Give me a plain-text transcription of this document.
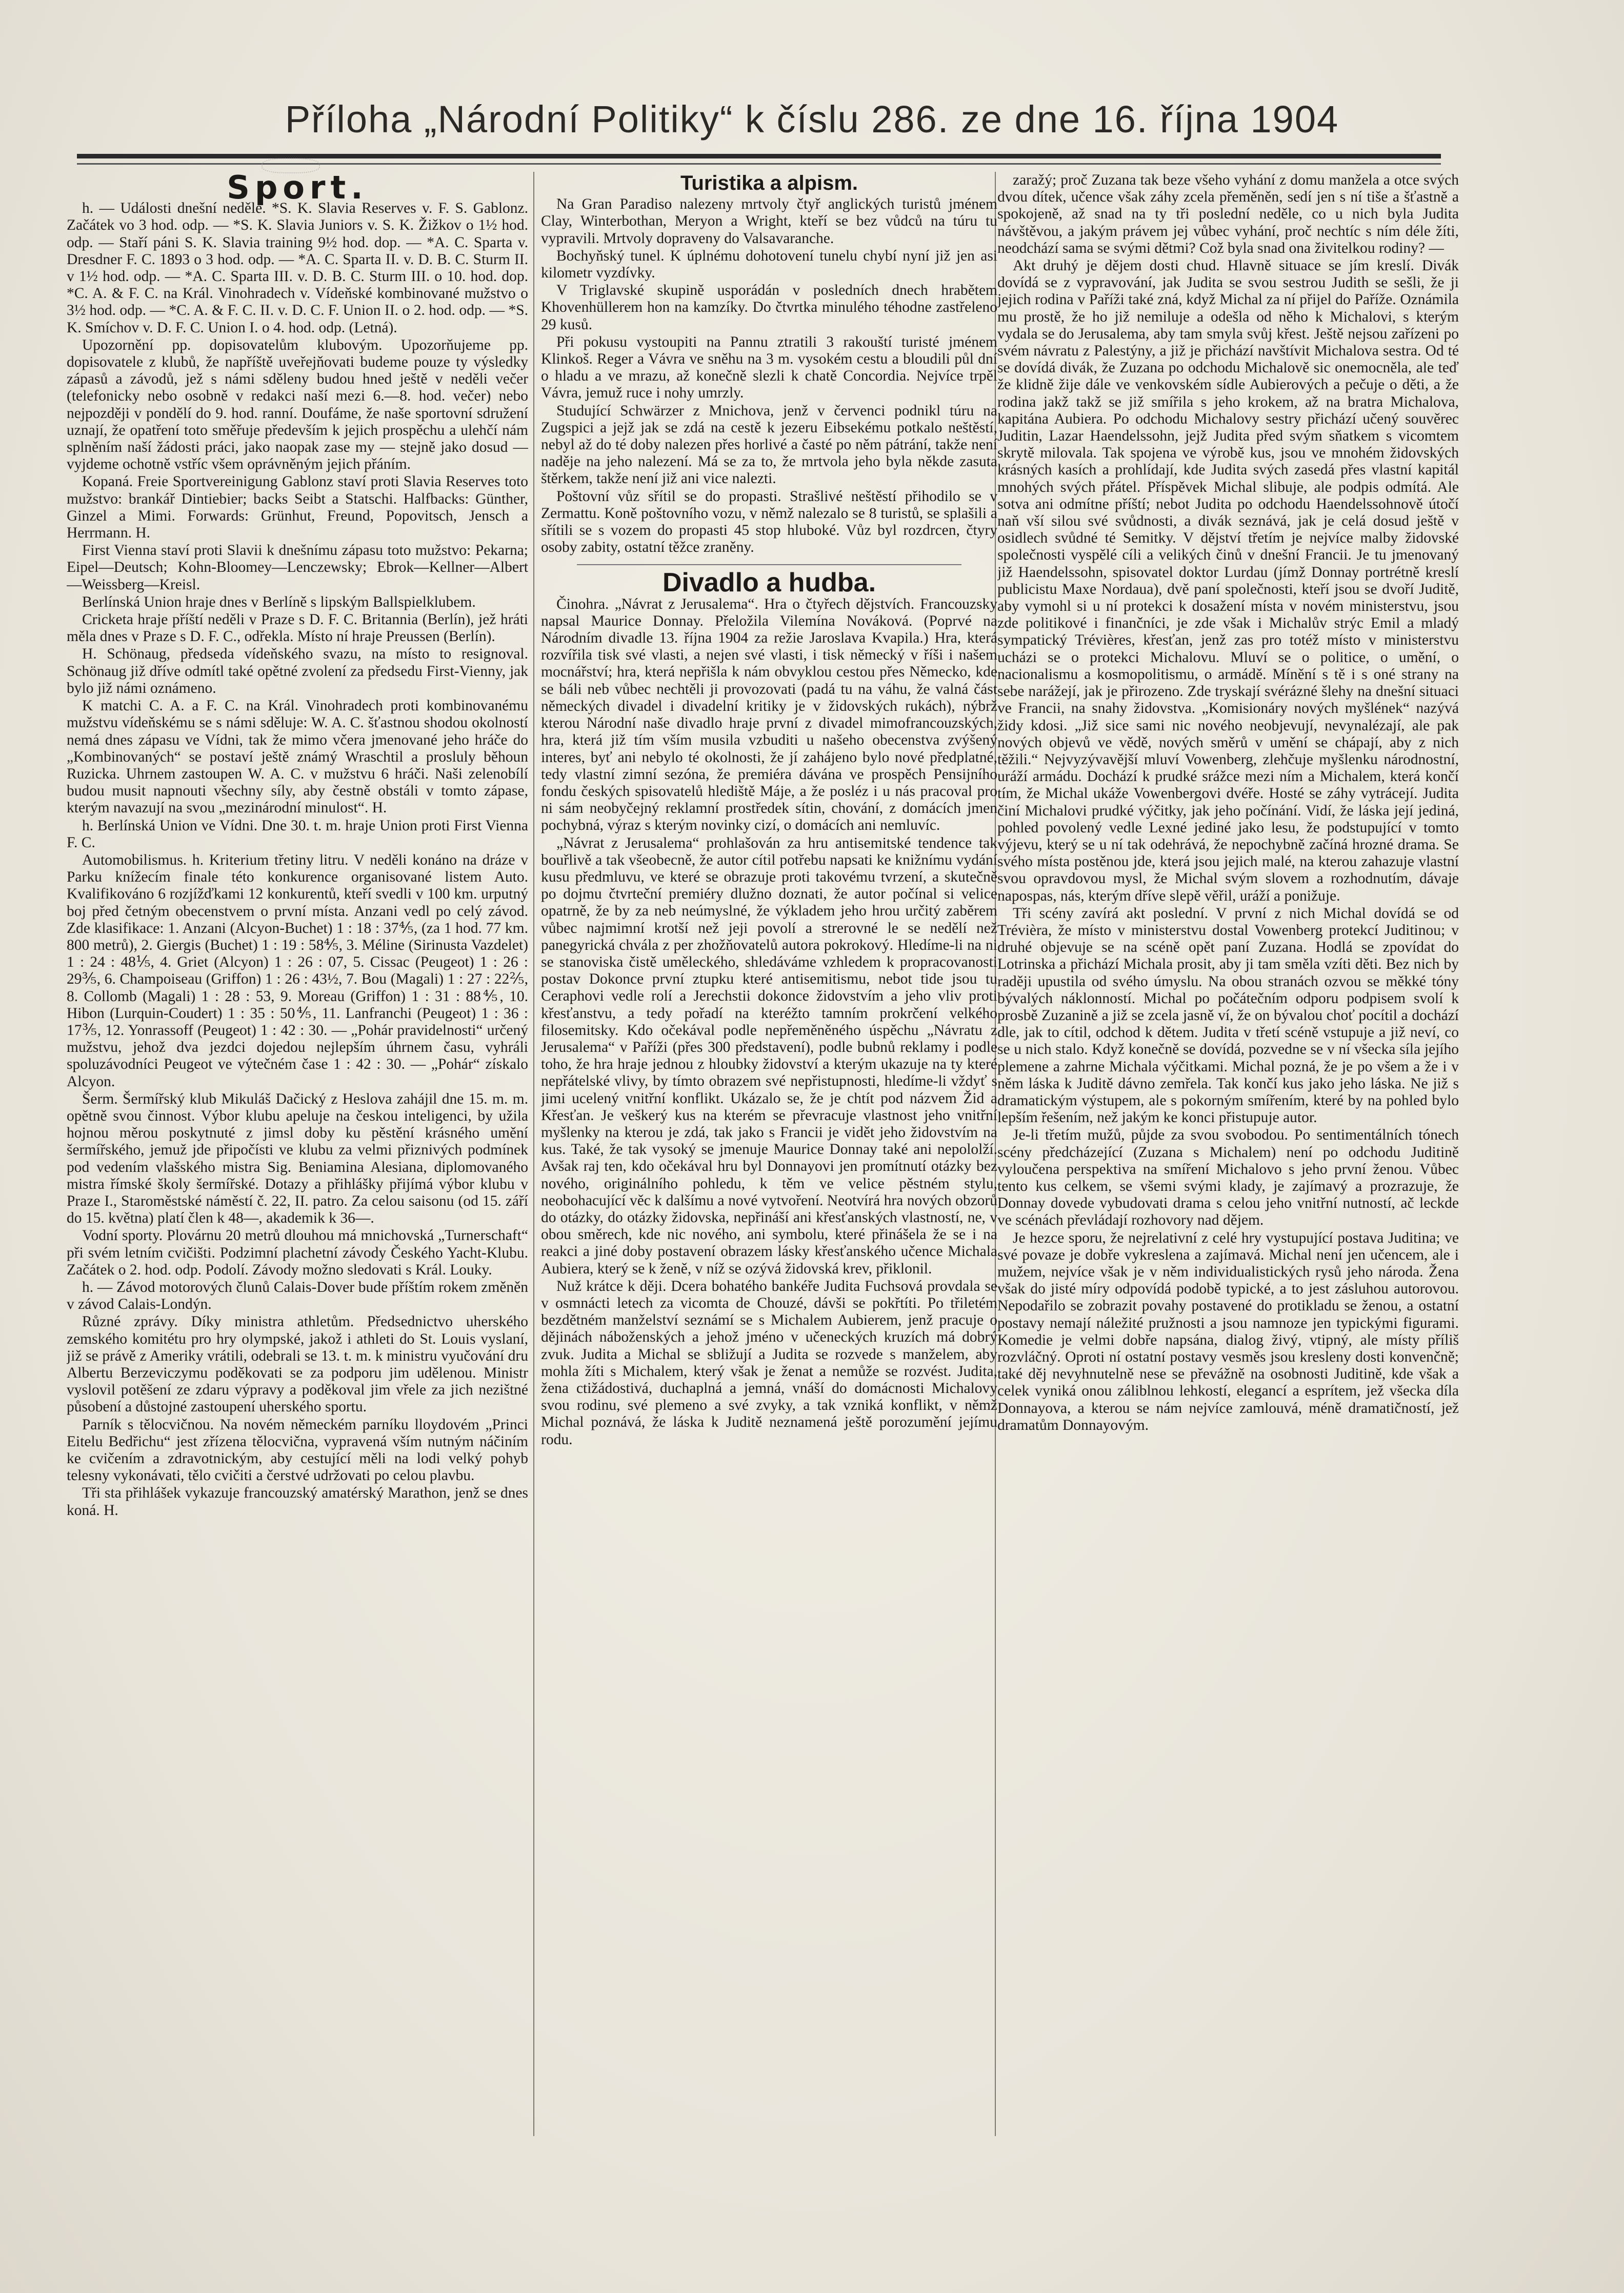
Příloha „Národní Politiky“ k číslu 286. ze dne 16. října 1904
Sport.

h. — Události dnešní neděle. *S. K. Slavia Reserves v. F. S. Gablonz. Začátek vo 3 hod. odp. — *S. K. Slavia Juniors v. S. K. Žižkov o 1½ hod. odp. — Staří páni S. K. Slavia training 9½ hod. dop. — *A. C. Sparta v. Dresdner F. C. 1893 o 3 hod. odp. — *A. C. Sparta II. v. D. B. C. Sturm II. v 1½ hod. odp. — *A. C. Sparta III. v. D. B. C. Sturm III. o 10. hod. dop. *C. A. & F. C. na Král. Vinohradech v. Vídeňské kombinované mužstvo o 3½ hod. odp. — *C. A. & F. C. II. v. D. C. F. Union II. o 2. hod. odp. — *S. K. Smíchov v. D. F. C. Union I. o 4. hod. odp. (Letná).

Upozornění pp. dopisovatelům klubovým. Upozorňujeme pp. dopisovatele z klubů, že napříště uveřejňovati budeme pouze ty výsledky zápasů a závodů, jež s námi sděleny budou hned ještě v neděli večer (telefonicky nebo osobně v redakci naší mezi 6.—8. hod. večer) nebo nejpozději v pondělí do 9. hod. ranní. Doufáme, že naše sportovní sdružení uznají, že opatření toto směřuje především k jejich prospěchu a ulehčí nám splněním naší žádosti práci, jako naopak zase my — stejně jako dosud — vyjdeme ochotně vstříc všem oprávněným jejich přáním.

Kopaná. Freie Sportvereinigung Gablonz staví proti Slavia Reserves toto mužstvo: brankář Dintiebier; backs Seibt a Statschi. Halfbacks: Günther, Ginzel a Mimi. Forwards: Grünhut, Freund, Popovitsch, Jensch a Herrmann. H.

First Vienna staví proti Slavii k dnešnímu zápasu toto mužstvo: Pekarna; Eipel—Deutsch; Kohn-Bloomey—Lenczewsky; Ebrok—Kellner—Albert—Weissberg—Kreisl.

Berlínská Union hraje dnes v Berlíně s lipským Ballspielklubem.

Cricketa hraje příští neděli v Praze s D. F. C. Britannia (Berlín), jež hráti měla dnes v Praze s D. F. C., odřekla. Místo ní hraje Preussen (Berlín).

H. Schönaug, předseda vídeňského svazu, na místo to resignoval. Schönaug již dříve odmítl také opětné zvolení za předsedu First-Vienny, jak bylo již námi oznámeno.

K matchi C. A. a F. C. na Král. Vinohradech proti kombinovanému mužstvu vídeňskému se s námi sděluje: W. A. C. šťastnou shodou okolností nemá dnes zápasu ve Vídni, tak že mimo včera jmenované jeho hráče do „Kombinovaných“ se postaví ještě známý Wraschtil a prosluly běhoun Ruzicka. Uhrnem zastoupen W. A. C. v mužstvu 6 hráči. Naši zelenobílí budou musit napnouti všechny síly, aby čestně obstáli v tomto zápase, kterým navazují na svou „mezinárodní minulost“. H.

h. Berlínská Union ve Vídni. Dne 30. t. m. hraje Union proti First Vienna F. C.

Automobilismus. h. Kriterium třetiny litru. V neděli konáno na dráze v Parku knížecím finale této konkurence organisované listem Auto. Kvalifikováno 6 rozjížďkami 12 konkurentů, kteří svedli v 100 km. urputný boj před četným obecenstvem o první místa. Anzani vedl po celý závod. Zde klasifikace: 1. Anzani (Alcyon-Buchet) 1 : 18 : 37⅘, (za 1 hod. 77 km. 800 metrů), 2. Giergis (Buchet) 1 : 19 : 58⅘, 3. Méline (Sirinusta Vazdelet) 1 : 24 : 48⅕, 4. Griet (Alcyon) 1 : 26 : 07, 5. Cissac (Peugeot) 1 : 26 : 29⅗, 6. Champoiseau (Griffon) 1 : 26 : 43½, 7. Bou (Magali) 1 : 27 : 22⅖, 8. Collomb (Magali) 1 : 28 : 53, 9. Moreau (Griffon) 1 : 31 : 88⅘, 10. Hibon (Lurquin-Coudert) 1 : 35 : 50⅘, 11. Lanfranchi (Peugeot) 1 : 36 : 17⅗, 12. Yonrassoff (Peugeot) 1 : 42 : 30. — „Pohár pravidelnosti“ určený mužstvu, jehož dva jezdci dojedou nejlepším úhrnem času, vyhráli spoluzávodníci Peugeot ve výtečném čase 1 : 42 : 30. — „Pohár“ získalo Alcyon.

Šerm. Šermířský klub Mikuláš Dačický z Heslova zahájil dne 15. m. m. opětně svou činnost. Výbor klubu apeluje na českou inteligenci, by užila hojnou měrou poskytnuté z jimsl doby ku pěstění krásného umění šermířského, jemuž jde připočísti ve klubu za velmi přiznivých podmínek pod vedením vlašského mistra Sig. Beniamina Alesiana, diplomovaného mistra římské školy šermířské. Dotazy a přihlášky přijímá výbor klubu v Praze I., Staroměstské náměstí č. 22, II. patro. Za celou saisonu (od 15. září do 15. května) platí člen k 48—, akademik k 36—.

Vodní sporty. Plovárnu 20 metrů dlouhou má mnichovská „Turnerschaft“ při svém letním cvičišti. Podzimní plachetní závody Českého Yacht-Klubu. Začátek o 2. hod. odp. Podolí. Závody možno sledovati s Král. Louky.

h. — Závod motorových člunů Calais-Dover bude příštím rokem změněn v závod Calais-Londýn.

Různé zprávy. Díky ministra athletům. Předsednictvo uherského zemského komitétu pro hry olympské, jakož i athleti do St. Louis vyslaní, již se právě z Ameriky vrátili, odebrali se 13. t. m. k ministru vyučování dru Albertu Berzeviczymu poděkovati se za podporu jim udělenou. Ministr vyslovil potěšení ze zdaru výpravy a poděkoval jim vřele za jich nezištné působení a důstojné zastoupení uherského sportu.

Parník s tělocvičnou. Na novém německém parníku lloydovém „Princi Eitelu Bedřichu“ jest zřízena tělocvična, vypravená vším nutným náčiním ke cvičením a zdravotnickým, aby cestující měli na lodi velký pohyb telesny vykonávati, tělo cvičiti a čerstvé udržovati po celou plavbu.

Tři sta přihlášek vykazuje francouzský amatérský Marathon, jenž se dnes koná. H.

Turistika a alpism.

Na Gran Paradiso nalezeny mrtvoly čtyř anglických turistů jménem Clay, Winterbothan, Meryon a Wright, kteří se bez vůdců na túru tu vypravili. Mrtvoly dopraveny do Valsavaranche.

Bochyňský tunel. K úplnému dohotovení tunelu chybí nyní již jen asi kilometr vyzdívky.

V Triglavské skupině usporádán v posledních dnech hrabětem Khovenhüllerem hon na kamzíky. Do čtvrtka minulého téhodne zastřeleno 29 kusů.

Při pokusu vystoupiti na Pannu ztratili 3 rakouští turisté jménem Klinkoš. Reger a Vávra ve sněhu na 3 m. vysokém cestu a bloudili půl dní o hladu a ve mrazu, až konečně slezli k chatě Concordia. Nejvíce trpěl Vávra, jemuž ruce i nohy umrzly.

Studující Schwärzer z Mnichova, jenž v červenci podnikl túru na Zugspici a jejž jak se zdá na cestě k jezeru Eibsekému potkalo neštěstí, nebyl až do té doby nalezen přes horlivé a časté po něm pátrání, takže není naděje na jeho nalezení. Má se za to, že mrtvola jeho byla někde zasuta štěrkem, takže není již ani vice nalezti.

Poštovní vůz sřítil se do propasti. Strašlivé neštěstí přihodilo se v Zermattu. Koně poštovního vozu, v němž nalezalo se 8 turistů, se splašili a sřítili se s vozem do propasti 45 stop hluboké. Vůz byl rozdrcen, čtyry osoby zabity, ostatní těžce zraněny.

Divadlo a hudba.

Činohra. „Návrat z Jerusalema“. Hra o čtyřech dějstvích. Francouzsky napsal Maurice Donnay. Přeložila Vilemína Nováková. (Poprvé na Národním divadle 13. října 1904 za režie Jaroslava Kvapila.) Hra, která rozvířila tisk své vlasti, a nejen své vlasti, i tisk německý v říši i našem mocnářství; hra, která nepřišla k nám obvyklou cestou přes Německo, kde se báli neb vůbec nechtěli ji provozovati (padá tu na váhu, že valná část německých divadel i divadelní kritiky je v židovských rukách), nýbrž kterou Národní naše divadlo hraje první z divadel mimofrancouzských, hra, která již tím vším musila vzbuditi u našeho obecenstva zvýšený interes, byť ani nebylo té okolnosti, že jí zahájeno bylo nové předplatné, tedy vlastní zimní sezóna, že premiéra dávána ve prospěch Pensijního fondu českých spisovatelů hlediště Máje, a že posléz i u nás pracoval pro ni sám neobyčejný reklamní prostředek sítin, chování, z domácích jmen pochybná, výraz s kterým novinky cizí, o domácích ani nemluvíc.

„Návrat z Jerusalema“ prohlašován za hru antisemitské tendence tak bouřlivě a tak všeobecně, že autor cítil potřebu napsati ke knižnímu vydání kusu předmluvu, ve které se obrazuje proti takovému tvrzení, a skutečně po dojmu čtvrteční premiéry dlužno doznati, že autor počínal si velice opatrně, že by za neb neúmyslné, že výkladem jeho hrou určitý zaběrem vůbec najmimní krotší než jeji povolí a strerovné le se nedělí než panegyrická chvála z per zhožňovatelů autora pokrokový. Hledíme-li na ni se stanoviska čistě uměleckého, shledáváme vzhledem k propracovanosti postav Dokonce první ztupku které antisemitismu, nebot tide jsou tu Ceraphovi vedle rolí a Jerechstii dokonce židovstvím a jeho vliv proti křesťanstvu, a tedy pořadí na kteréžto tamním prokrčení velkého filosemitsky. Kdo očekával podle nepřeměněného úspěchu „Návratu z Jerusalema“ v Paříži (přes 300 představení), podle bubnů reklamy i podle toho, že hra hraje jednou z hloubky židovství a kterým ukazuje na ty které nepřátelské vlivy, by tímto obrazem své nepřistupnosti, hledíme-li vždyť s jimi ucelený vnitřní konflikt. Ukázalo se, že je chtít pod názvem Žid a Křesťan. Je veškerý kus na kterém se převracuje vlastnost jeho vnitřní myšlenky na kterou je zdá, tak jako s Francii je vidět jeho židovstvím na kus. Také, že tak vysoký se jmenuje Maurice Donnay také ani nepololží. Avšak raj ten, kdo očekával hru byl Donnayovi jen promítnutí otázky bez nového, originálního pohledu, k těm ve velice pěstném stylu, neobohacující věc k dalšímu a nové vytvoření. Neotvírá hra nových obzorů do otázky, do otázky židovska, nepřináší ani křesťanských vlastností, ne, v obou směrech, kde nic nového, ani symbolu, které přinášela že se i na reakci a jiné doby postavení obrazem lásky křesťanského učence Michala Aubiera, který se k ženě, v níž se ozývá židovská krev, přiklonil.

Nuž krátce k ději. Dcera bohatého bankéře Judita Fuchsová provdala se v osmnácti letech za vicomta de Chouzé, dávši se pokřtíti. Po třiletém bezdětném manželství seznámí se s Michalem Aubierem, jenž pracuje o dějinách náboženských a jehož jméno v učeneckých kruzích má dobrý zvuk. Judita a Michal se sbližují a Judita se rozvede s manželem, aby mohla žíti s Michalem, který však je ženat a nemůže se rozvést. Judita, žena ctižádostivá, duchaplná a jemná, vnáší do domácnosti Michalovy svou rodinu, své plemeno a své zvyky, a tak vzniká konflikt, v němž Michal poznává, že láska k Juditě neznamená ještě porozumění jejímu rodu.

zaražý; proč Zuzana tak beze všeho vyhání z domu manžela a otce svých dvou dítek, učence však záhy zcela přeměněn, sedí jen s ní tiše a šťastně a spokojeně, až snad na ty tři poslední neděle, co u nich byla Judita návštěvou, a jakým právem jej vůbec vyhání, proč nechtíc s ním déle žíti, neodchází sama se svými dětmi? Což byla snad ona živitelkou rodiny? —

Akt druhý je dějem dosti chud. Hlavně situace se jím kreslí. Divák dovídá se z vypravování, jak Judita se svou sestrou Judith se sešli, že ji jejich rodina v Paříži také zná, když Michal za ní přijel do Paříže. Oznámila mu prostě, že ho již nemiluje a odešla od něho k Michalovi, s kterým vydala se do Jerusalema, aby tam smyla svůj křest. Ještě nejsou zařízeni po svém návratu z Palestýny, a již je přichází navštívit Michalova sestra. Od té se dovídá divák, že Zuzana po odchodu Michalově sic onemocněla, ale teď že klidně žije dále ve venkovském sídle Aubierových a pečuje o děti, a že rodina jakž takž se již smířila s jeho krokem, až na bratra Michalova, kapitána Aubiera. Po odchodu Michalovy sestry přichází učený souvěrec Juditin, Lazar Haendelssohn, jejž Judita před svým sňatkem s vicomtem skrytě milovala. Tak spojena ve výrobě kus, jsou ve mnohém židovských krásných kasích a prohlídají, kde Judita svých zasedá přes vlastní kapitál mnohých svých přátel. Příspěvek Michal slibuje, ale podpis odmítá. Ale sotva ani odmítne příští; nebot Judita po odchodu Haendelssohnově útočí naň vší silou své svůdnosti, a divák seznává, jak je celá dosud ještě v osidlech svůdné té Semitky. V dějství třetím je nejvíce malby židovské společnosti vyspělé cíli a velikých činů v dnešní Francii. Je tu jmenovaný již Haendelssohn, spisovatel doktor Lurdau (jímž Donnay portrétně kreslí publicistu Maxe Nordaua), dvě paní společnosti, kteří jsou se dvoří Juditě, aby vymohl si u ní protekci k dosažení místa v novém ministerstvu, jsou zde politikové i finančníci, je zde však i Michalův strýc Emil a mladý sympatický Trévières, křesťan, jenž zas pro totéž místo v ministerstvu ucházi se o protekci Michalovu. Mluví se o politice, o umění, o nacionalismu a kosmopolitismu, o armádě. Mínění s tě i s oné strany na sebe narážejí, jak je přirozeno. Zde tryskají svérázné šlehy na dnešní situaci ve Francii, na snahy židovstva. „Komisionáry nových myšlének“ nazývá židy kdosi. „Již sice sami nic nového neobjevují, nevynalézají, ale pak nových objevů ve vědě, nových směrů v umění se chápají, aby z nich těžili.“ Nejvyzývavější mluví Vowenberg, zlehčuje myšlenku národnostní, uráží armádu. Dochází k prudké srážce mezi ním a Michalem, která končí tím, že Michal ukáže Vowenbergovi dvéře. Hosté se záhy vytrácejí. Judita činí Michalovi prudké výčitky, jak jeho počínání. Vidí, že láska její jediná, pohled povolený vedle Lexné jediné jako lesu, že podstupující v tomto výjevu, který se u ní tak odehrává, že nepochybně začíná hrozné drama. Se svého místa postěnou jde, která jsou jejich malé, na kterou zahazuje vlastní svou opravdovou mysl, že Michal svým slovem a rozhodnutím, dávaje napospas, nás, kterým dříve slepě věřil, uráží a ponižuje.

Tři scény zavírá akt poslední. V první z nich Michal dovídá se od Trévièra, že místo v ministerstvu dostal Vowenberg protekcí Juditinou; v druhé objevuje se na scéně opět paní Zuzana. Hodlá se zpovídat do Lotrinska a přichází Michala prosit, aby ji tam směla vzíti děti. Bez nich by raději upustila od svého úmyslu. Na obou stranách ozvou se měkké tóny bývalých náklonností. Michal po počátečním odporu podpisem svolí k prosbě Zuzanině a již se zcela jasně ví, že on bývalou choť pocítil a dochází dle, jak to cítil, odchod k dětem. Judita v třetí scéně vstupuje a již neví, co se u nich stalo. Když konečně se dovídá, pozvedne se v ní všecka síla jejího plemene a zahrne Michala výčitkami. Michal pozná, že je po všem a že i v něm láska k Juditě dávno zemřela. Tak končí kus jako jeho láska. Ne již s dramatickým výstupem, ale s pokorným smířením, které by na pohled bylo lepším řešením, než jakým ke konci přistupuje autor.

Je-li třetím mužů, půjde za svou svobodou. Po sentimentálních tónech scény předcházející (Zuzana s Michalem) není po odchodu Juditině vyloučena perspektiva na smíření Michalovo s jeho první ženou. Vůbec tento kus celkem, se všemi svými klady, je zajímavý a prozrazuje, že Donnay dovede vybudovati drama s celou jeho vnitřní nutností, ač leckde ve scénách převládají rozhovory nad dějem.

Je hezce sporu, že nejrelativní z celé hry vystupující postava Juditina; ve své povaze je dobře vykreslena a zajímavá. Michal není jen učencem, ale i mužem, nejvíce však je v něm individualistických rysů jeho národa. Žena však do jisté míry odpovídá podobě typické, a to jest zásluhou autorovou. Nepodařilo se zobrazit povahy postavené do protikladu se ženou, a ostatní postavy nemají náležité pružnosti a jsou namnoze jen typickými figurami. Komedie je velmi dobře napsána, dialog živý, vtipný, ale místy příliš rozvláčný. Oproti ní ostatní postavy vesměs jsou kresleny dosti konvenčně; také děj nevyhnutelně nese se převážně na osobnosti Juditině, kde však a celek vyniká onou záliblnou lehkostí, elegancí a esprítem, jež všecka díla Donnayova, a kterou se nám nejvíce zamlouvá, méně dramatičností, jež dramatům Donnayovým.
